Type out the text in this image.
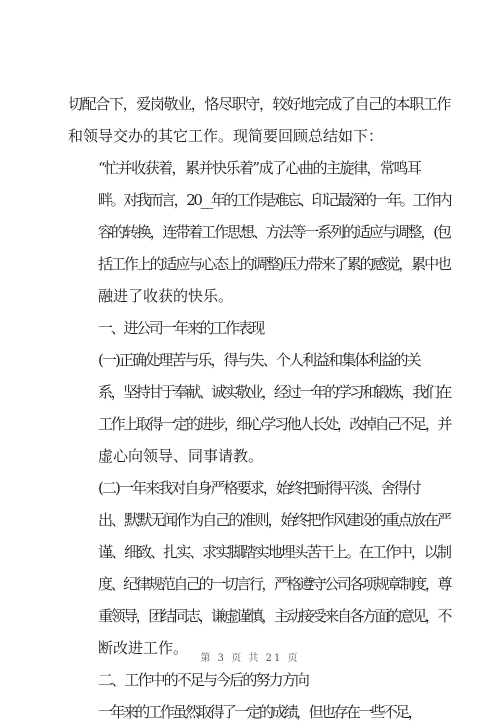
切配合下，爱岗敬业，恪尽职守，较好地完成了自己的本职工作
和领导交办的其它工作。现简要回顾总结如下：

“忙并收获着，累并快乐着”成了心曲的主旋律，常鸣耳
畔。对我而言，20__年的工作是难忘、印记最深的一年。工作内
容的转换，连带着工作思想、方法等一系列的适应与调整，(包
括工作上的适应与心态上的调整)压力带来了累的感觉，累中也
融进了收获的快乐。

一、进公司一年来的工作表现

(一)正确处理苦与乐，得与失、个人利益和集体利益的关
系，坚持甘于奉献、诚实敬业，经过一年的学习和锻炼，我们在
工作上取得一定的进步，细心学习他人长处，改掉自己不足，并
虚心向领导、同事请教。

(二)一年来我对自身严格要求，始终把耐得平淡、舍得付
出、默默无闻作为自己的准则，始终把作风建设的重点放在严
谨、细致、扎实、求实脚踏实地埋头苦干上。在工作中，以制
度、纪律规范自己的一切言行，严格遵守公司各项规章制度，尊
重领导，团结同志，谦虚谨慎，主动接受来自各方面的意见，不
断改进工作。

二、工作中的不足与今后的努力方向

一年来的工作虽然取得了一定的成绩，但也存在一些不足，

第 3 页 共 21 页
